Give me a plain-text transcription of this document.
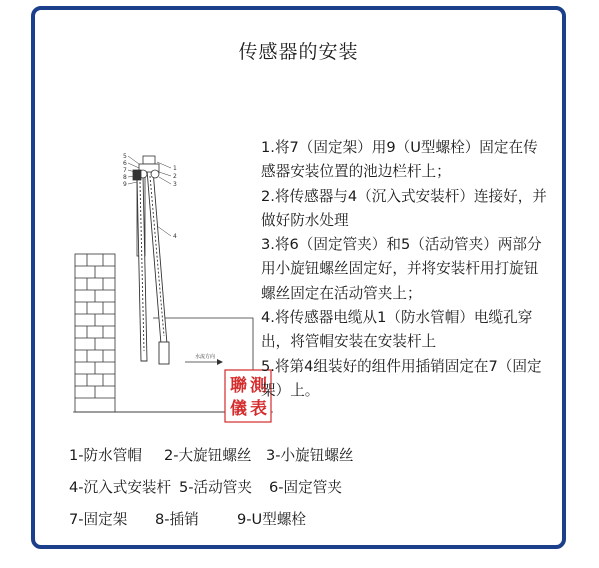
传感器的安装
5
6
7
8
9
1
2
3
4
水流方向
聯 測
儀 表

1.将7（固定架）用9（U型螺栓）固定在传感器安装位置的池边栏杆上；

2.将传感器与4（沉入式安装杆）连接好，并做好防水处理

3.将6（固定管夹）和5（活动管夹）两部分用小旋钮螺丝固定好，并将安装杆用打旋钮螺丝固定在活动管夹上；

4.将传感器电缆从1（防水管帽）电缆孔穿出，将管帽安装在安装杆上

5.将第4组装好的组件用插销固定在7（固定架）上。

1-防水管帽 2-大旋钮螺丝 3-小旋钮螺丝
4-沉入式安装杆 5-活动管夹 6-固定管夹
7-固定架 8-插销	9-U型螺栓
